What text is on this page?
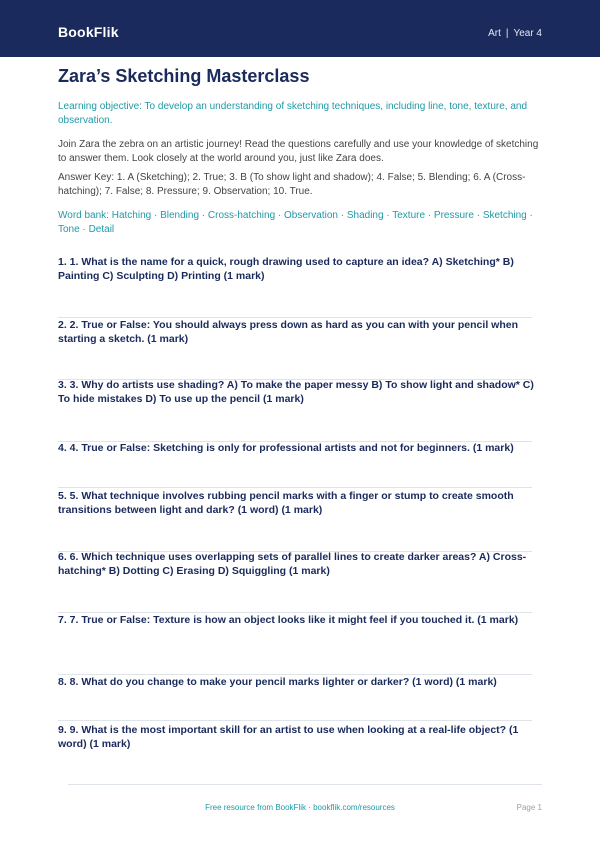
BookFlik	Art | Year 4
Zara’s Sketching Masterclass

Learning objective: To develop an understanding of sketching techniques, including line, tone, texture, and observation.

Join Zara the zebra on an artistic journey! Read the questions carefully and use your knowledge of sketching to answer them. Look closely at the world around you, just like Zara does.

Answer Key: 1. A (Sketching); 2. True; 3. B (To show light and shadow); 4. False; 5. Blending; 6. A (Cross-hatching); 7. False; 8. Pressure; 9. Observation; 10. True.

Word bank: Hatching · Blending · Cross-hatching · Observation · Shading · Texture · Pressure · Sketching · Tone · Detail

1. 1. What is the name for a quick, rough drawing used to capture an idea? A) Sketching* B) Painting C) Sculpting D) Printing (1 mark)

2. 2. True or False: You should always press down as hard as you can with your pencil when starting a sketch. (1 mark)

3. 3. Why do artists use shading? A) To make the paper messy B) To show light and shadow* C) To hide mistakes D) To use up the pencil (1 mark)

4. 4. True or False: Sketching is only for professional artists and not for beginners. (1 mark)

5. 5. What technique involves rubbing pencil marks with a finger or stump to create smooth transitions between light and dark? (1 word) (1 mark)

6. 6. Which technique uses overlapping sets of parallel lines to create darker areas? A) Cross-hatching* B) Dotting C) Erasing D) Squiggling (1 mark)

7. 7. True or False: Texture is how an object looks like it might feel if you touched it. (1 mark)

8. 8. What do you change to make your pencil marks lighter or darker? (1 word) (1 mark)

9. 9. What is the most important skill for an artist to use when looking at a real-life object? (1 word) (1 mark)

Free resource from BookFlik · bookflik.com/resources	Page 1
